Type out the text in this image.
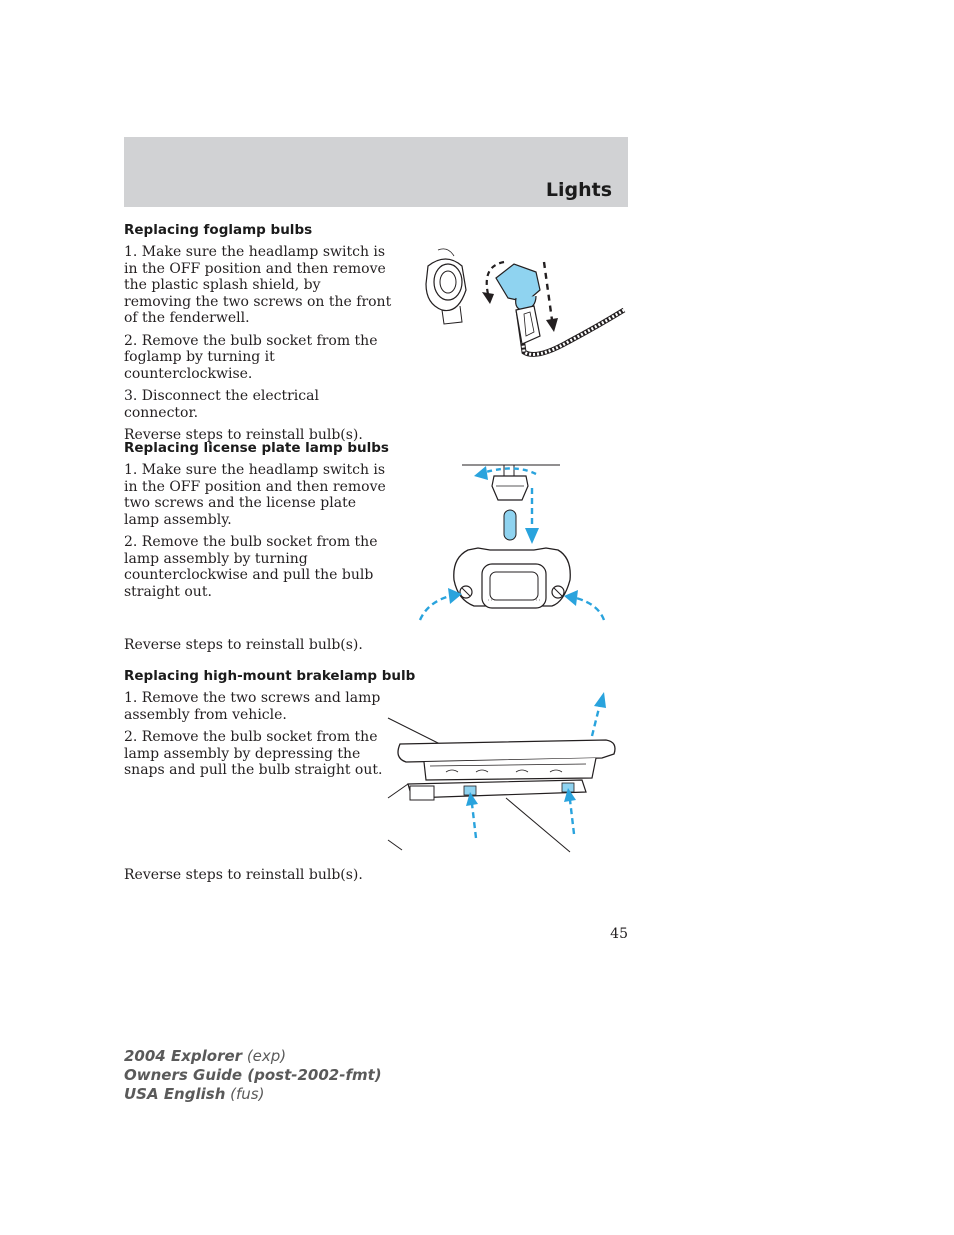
Lights
Replacing foglamp bulbs

1. Make sure the headlamp switch is in the OFF position and then remove the plastic splash shield, by removing the two screws on the front of the fenderwell.

2. Remove the bulb socket from the foglamp by turning it counterclockwise.

3. Disconnect the electrical connector.

Reverse steps to reinstall bulb(s).

Replacing license plate lamp bulbs

1. Make sure the headlamp switch is in the OFF position and then remove two screws and the license plate lamp assembly.

2. Remove the bulb socket from the lamp assembly by turning counterclockwise and pull the bulb straight out.

Reverse steps to reinstall bulb(s).

Replacing high-mount brakelamp bulb

1. Remove the two screws and lamp assembly from vehicle.

2. Remove the bulb socket from the lamp assembly by depressing the snaps and pull the bulb straight out.

Reverse steps to reinstall bulb(s).

45
2004 Explorer (exp)
Owners Guide (post-2002-fmt)
USA English (fus)
